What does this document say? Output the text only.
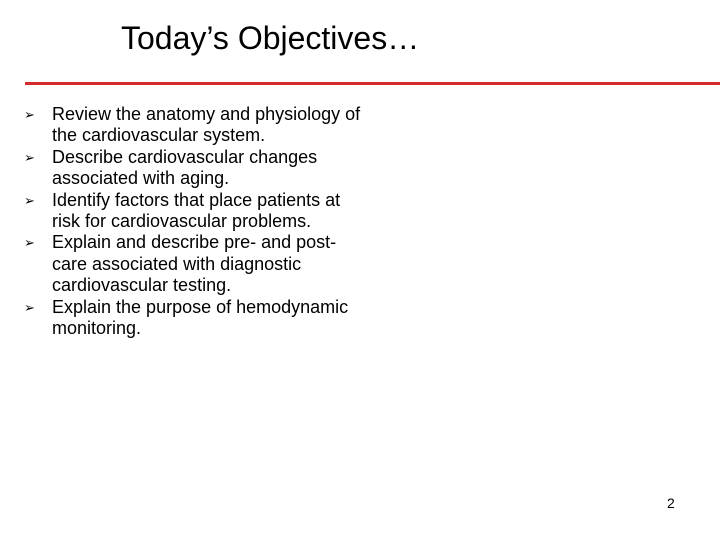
Today’s Objectives…
➢ Review the anatomy and physiology of the cardiovascular system.
➢ Describe cardiovascular changes associated with aging.
➢ Identify factors that place patients at risk for cardiovascular problems.
➢ Explain and describe pre- and post-care associated with diagnostic cardiovascular testing.
➢ Explain the purpose of hemodynamic monitoring.
2
